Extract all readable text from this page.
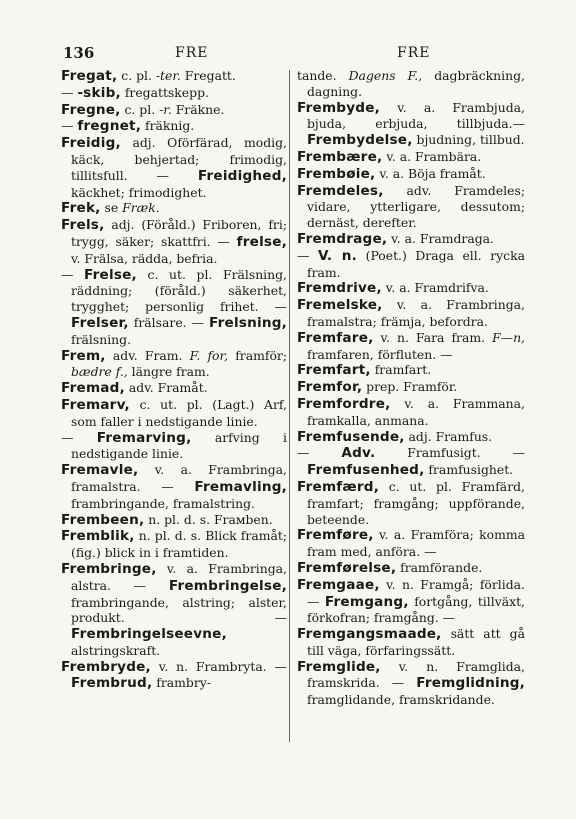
136	FRE	FRE
Fregat, c. pl. -ter. Fregatt.
— -skib, fregattskepp.
Fregne, c. pl. -r. Fräkne.
— fregnet, fräknig.
Freidig, adj. Oförfärad, modig, käck, behjertad; frimodig, tillitsfull. — Freidighed, käckhet; frimodighet.
Frek, se Fræk.
Frels, adj. (Föråld.) Friboren, fri; trygg, säker; skattfri. — frelse, v. Frälsa, rädda, befria.
— Frelse, c. ut. pl. Frälsning, räddning; (föråld.) säkerhet, trygghet; personlig frihet. — Frelser, frälsare. — Frelsning, frälsning.
Frem, adv. Fram. F. for, framför; bædre f., längre fram.
Fremad, adv. Framåt.
Fremarv, c. ut. pl. (Lagt.) Arf, som faller i nedstigande linie.
— Fremarving, arfving i nedstigande linie.
Fremavle, v. a. Frambringa, framalstra. — Fremavling, frambringande, framalstring.
Frembeen, n. pl. d. s. Frамben.
Fremblik, n. pl. d. s. Blick framåt; (fig.) blick in i framtiden.
Frembringe, v. a. Frambringa, alstra. — Frembringelse, frambringande, alstring; alster, produkt. — Frembringelseevne, alstringskraft.
Frembryde, v. n. Frambryta. — Frembrud, frambry-
tande. Dagens F., dagbräckning, dagning.
Frembyde, v. a. Frambjuda, bjuda, erbjuda, tillbjuda.—Frembydelse, bjudning, tillbud.
Frembære, v. a. Frambära.
Frembøie, v. a. Böja framåt.
Fremdeles, adv. Framdeles; vidare, ytterligare, dessutom; dernäst, derefter.
Fremdrage, v. a. Framdraga.
— V. n. (Poet.) Draga ell. rycka fram.
Fremdrive, v. a. Framdrifva.
Fremelske, v. a. Frambringa, framalstra; främja, befordra.
Fremfare, v. n. Fara fram. F—n, framfaren, förfluten. —
Fremfart, framfart.
Fremfor, prep. Framför.
Fremfordre, v. a. Frammana, framkalla, anmana.
Fremfusende, adj. Framfus.
— Adv. Framfusigt. — Fremfusenhed, framfusighet.
Fremfærd, c. ut. pl. Framfärd, framfart; framgång; uppförande, beteende.
Fremføre, v. a. Framföra; komma fram med, anföra. —
Fremførelse, framförande.
Fremgaae, v. n. Framgå; förlida. — Fremgang, fortgång, tillväxt, förkofran; framgång. —
Fremgangsmaade, sätt att gå till väga, förfaringssätt.
Fremglide, v. n. Framglida, framskrida. — Fremglidning, framglidande, framskridande.
